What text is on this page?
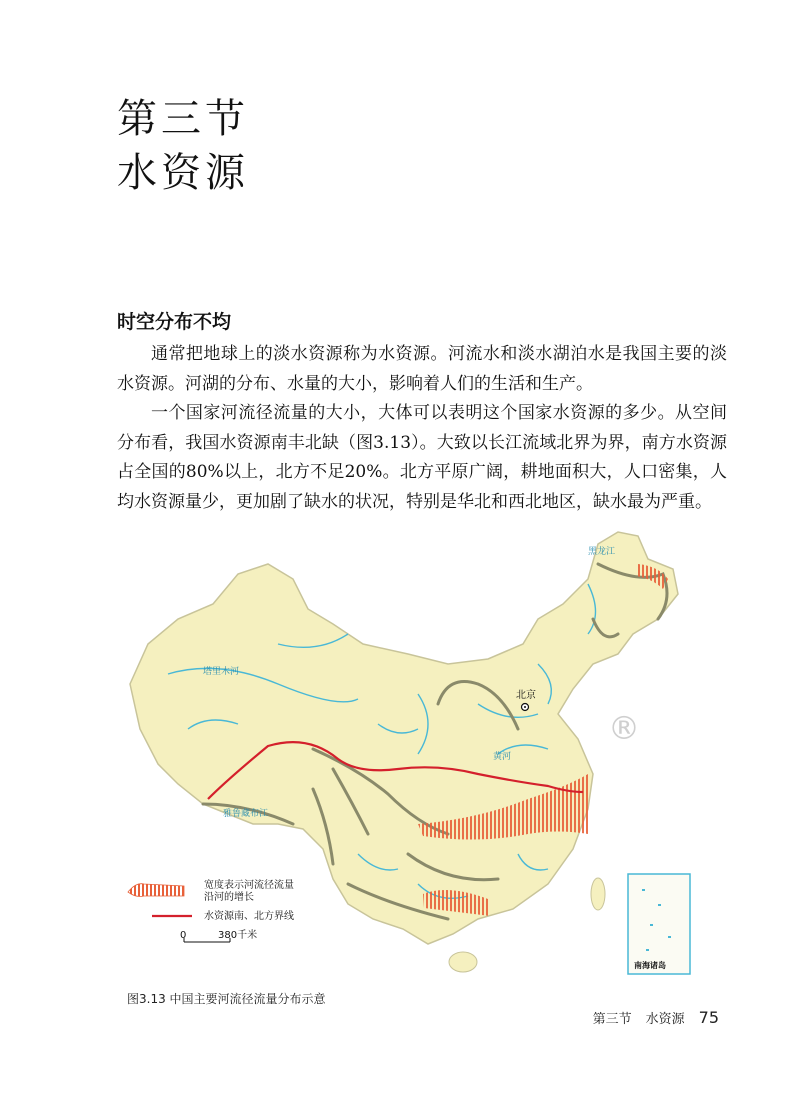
第三节
水资源
时空分布不均

通常把地球上的淡水资源称为水资源。河流水和淡水湖泊水是我国主要的淡水资源。河湖的分布、水量的大小，影响着人们的生活和生产。

一个国家河流径流量的大小，大体可以表明这个国家水资源的多少。从空间分布看，我国水资源南丰北缺（图3.13）。大致以长江流域北界为界，南方水资源占全国的80%以上，北方不足20%。北方平原广阔，耕地面积大，人口密集，人均水资源量少，更加剧了缺水的状况，特别是华北和西北地区，缺水最为严重。

北京
塔里木河
黑龙江
雅鲁藏布江
黄河
®
南海诸岛
宽度表示河流径流量
沿河的增长
水资源南、北方界线
0	380千米
图3.13 中国主要河流径流量分布示意
第三节 水资源 75
